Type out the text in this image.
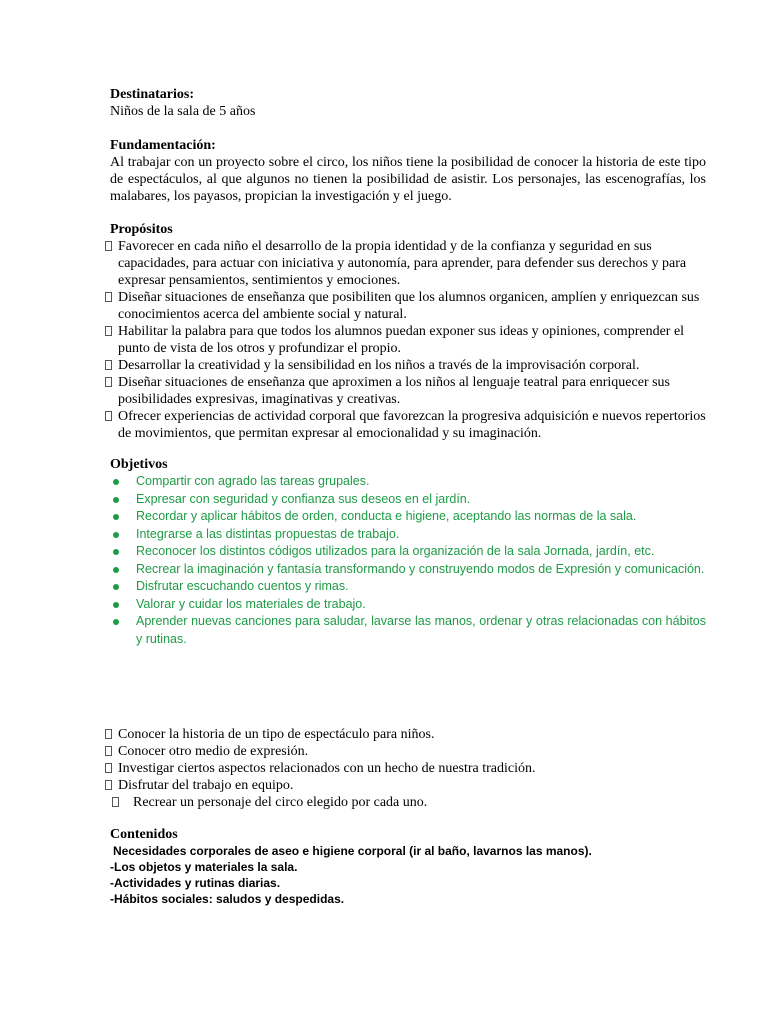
Destinatarios:
Niños de la sala de 5 años
Fundamentación:
Al trabajar con un proyecto sobre el circo, los niños tiene la posibilidad de conocer la historia de este tipo de espectáculos, al que algunos no tienen la posibilidad de asistir. Los personajes, las escenografías, los malabares, los payasos, propician la investigación y el juego.
Propósitos
Favorecer en cada niño el desarrollo de la propia identidad y de la confianza y seguridad en sus capacidades, para actuar con iniciativa y autonomía, para aprender, para defender sus derechos y para expresar pensamientos, sentimientos y emociones.
Diseñar situaciones de enseñanza que posibiliten que los alumnos organicen, amplíen y enriquezcan sus conocimientos acerca del ambiente social y natural.
Habilitar la palabra para que todos los alumnos puedan exponer sus ideas y opiniones, comprender el punto de vista de los otros y profundizar el propio.
Desarrollar la creatividad y la sensibilidad en los niños a través de la improvisación corporal.
Diseñar situaciones de enseñanza que aproximen a los niños al lenguaje teatral para enriquecer sus posibilidades expresivas, imaginativas y creativas.
Ofrecer experiencias de actividad corporal que favorezcan la progresiva adquisición e nuevos repertorios de movimientos, que permitan expresar al emocionalidad y su imaginación.
Objetivos
Compartir con agrado las tareas grupales.
Expresar con seguridad y confianza sus deseos en el jardín.
Recordar y aplicar hábitos de orden, conducta e higiene, aceptando las normas de la sala.
Integrarse a las distintas propuestas de trabajo.
Reconocer los distintos códigos utilizados para la organización de la sala Jornada, jardín, etc.
Recrear la imaginación y fantasía transformando y construyendo modos de Expresión y comunicación.
Disfrutar escuchando cuentos y rimas.
Valorar y cuidar los materiales de trabajo.
Aprender nuevas canciones para saludar, lavarse las manos, ordenar y otras relacionadas con hábitos y rutinas.
Conocer la historia de un tipo de espectáculo para niños.
Conocer otro medio de expresión.
Investigar ciertos aspectos relacionados con un hecho de nuestra tradición.
Disfrutar del trabajo en equipo.
Recrear un personaje del circo elegido por cada uno.
Contenidos
Necesidades corporales de aseo e higiene corporal (ir al baño, lavarnos las manos).
-Los objetos y materiales la sala.
-Actividades y rutinas diarias.
-Hábitos sociales: saludos y despedidas.
